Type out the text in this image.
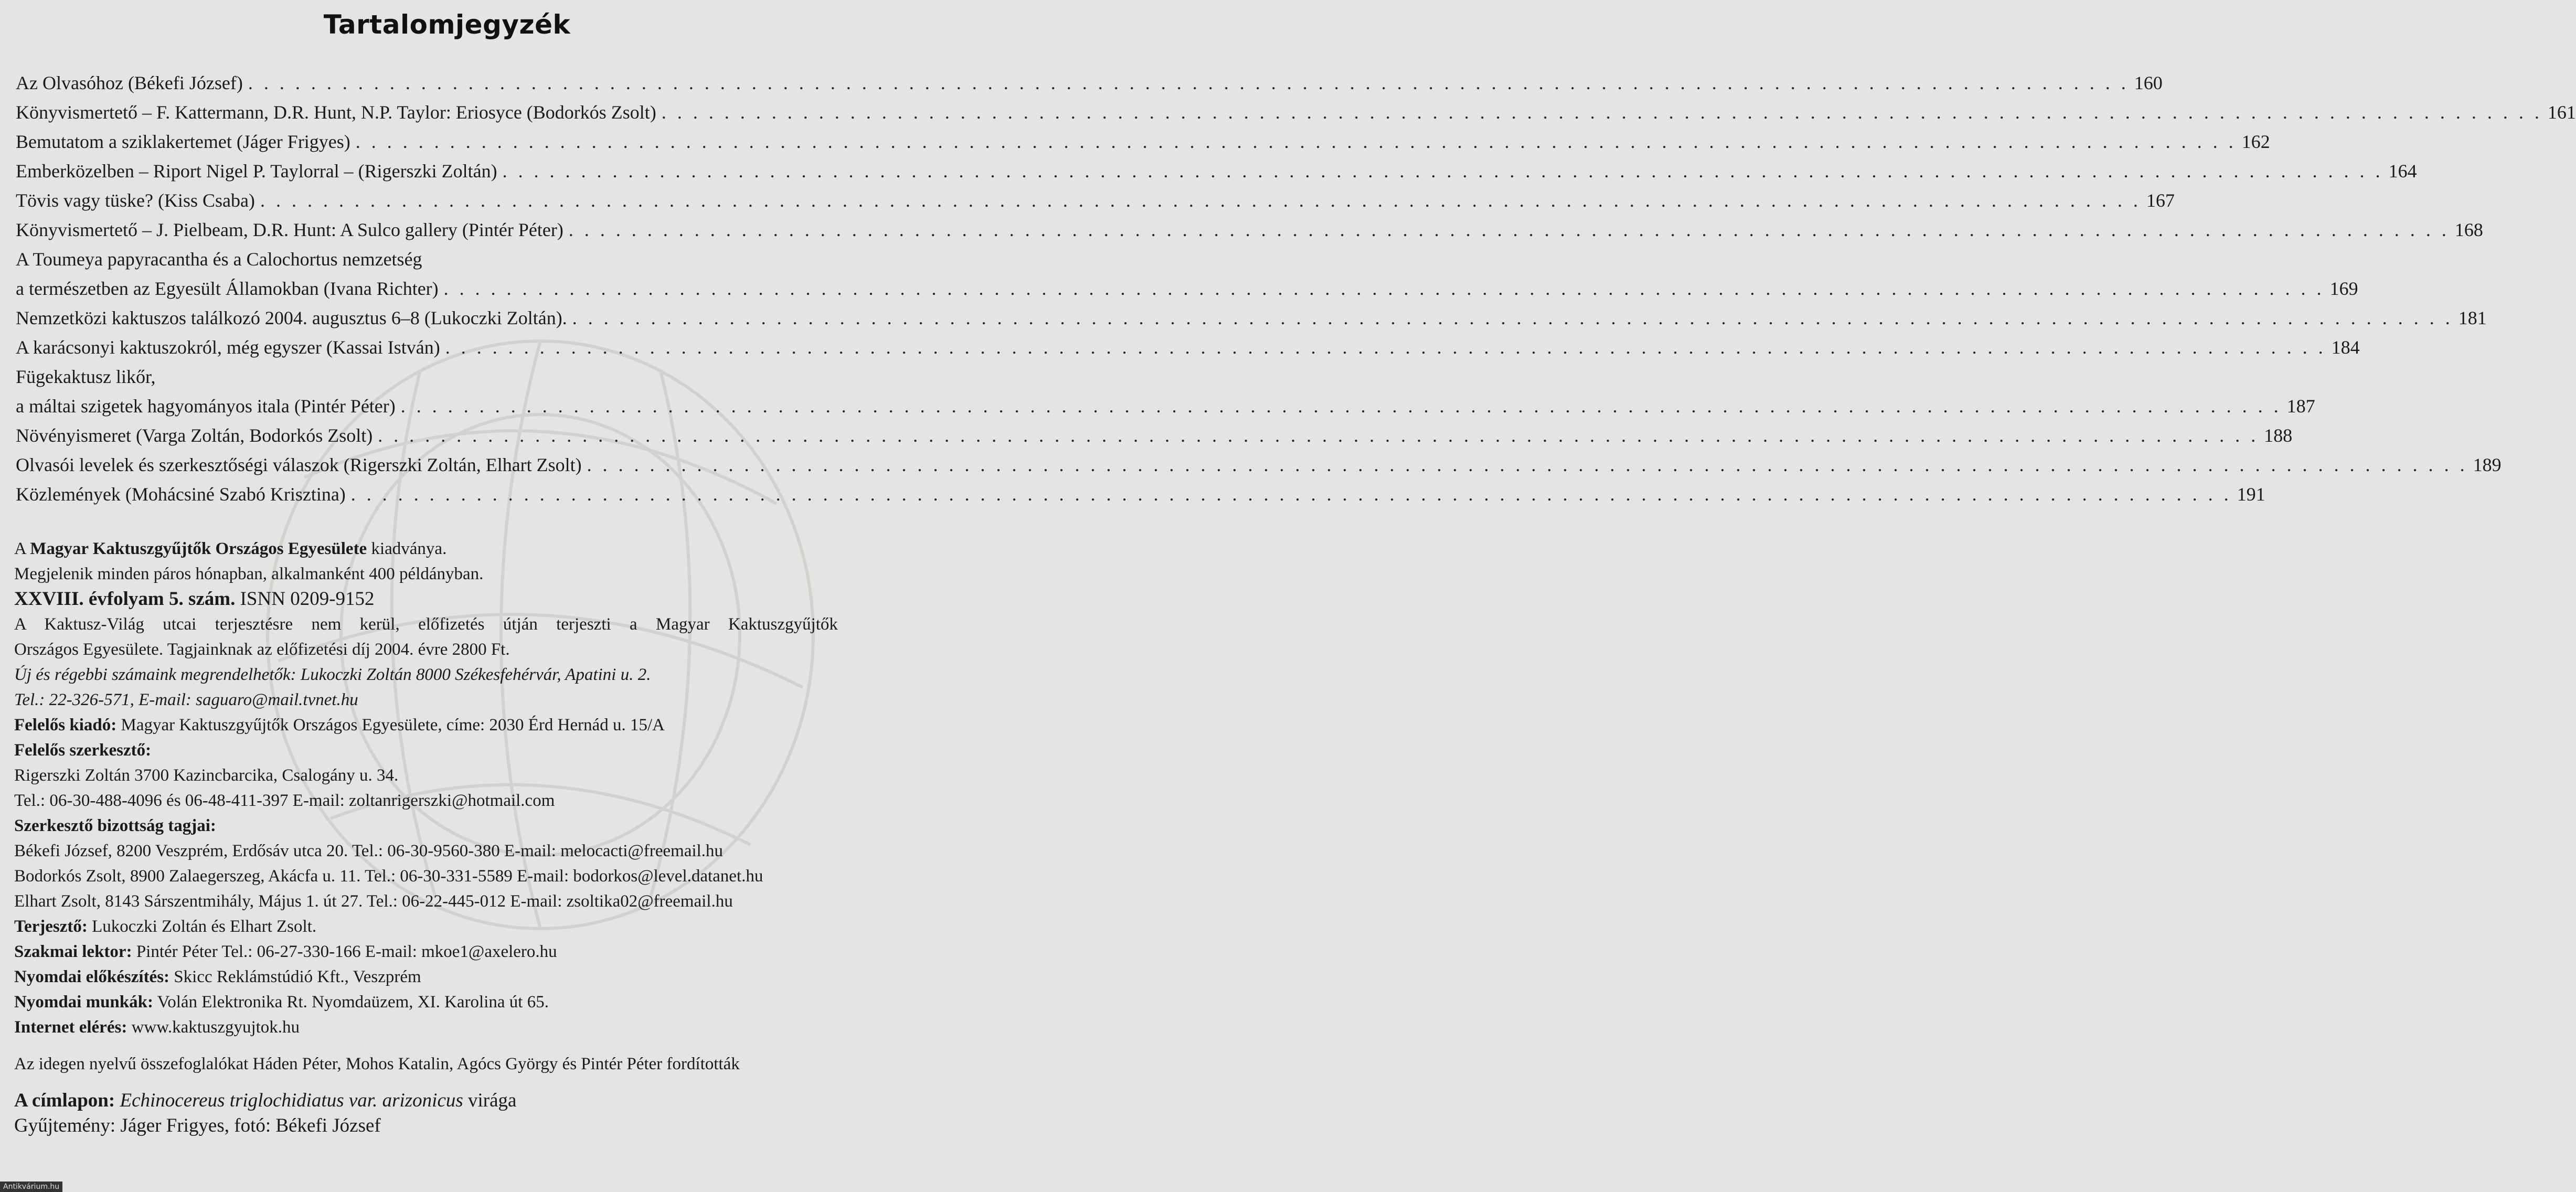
Tartalomjegyzék
Az Olvasóhoz (Békefi József) . . . . . . . . . . . . . . . . . . . . . . . . . . . . . . . . . . . . . . . . . . . . . . . . . . . . . . . . . . . . . . . . . . . . . . . . . . . . . . . . . . . . . . . . . . . . . . . . . . . . . . . . . . . . . . . . . . . . . . . . 160
Könyvismertető – F. Kattermann, D.R. Hunt, N.P. Taylor: Eriosyce (Bodorkós Zsolt) . . . . . . . . . . . . . . . . . . . . . . . . . . . . . . . . . . . . . . . . . . . . . . . . . . . . . . . . . . . . . . . . . . . . . . . . . . . . . . . . . . . . . . . . . . . . . . . . . . . . . . . . . . . . . . . . . . . . . . . . 161
Bemutatom a sziklakertemet (Jáger Frigyes) . . . . . . . . . . . . . . . . . . . . . . . . . . . . . . . . . . . . . . . . . . . . . . . . . . . . . . . . . . . . . . . . . . . . . . . . . . . . . . . . . . . . . . . . . . . . . . . . . . . . . . . . . . . . . . . . . . . . . . . . 162
Emberközelben – Riport Nigel P. Taylorral – (Rigerszki Zoltán) . . . . . . . . . . . . . . . . . . . . . . . . . . . . . . . . . . . . . . . . . . . . . . . . . . . . . . . . . . . . . . . . . . . . . . . . . . . . . . . . . . . . . . . . . . . . . . . . . . . . . . . . . . . . . . . . . . . . . . . . 164
Tövis vagy tüske? (Kiss Csaba) . . . . . . . . . . . . . . . . . . . . . . . . . . . . . . . . . . . . . . . . . . . . . . . . . . . . . . . . . . . . . . . . . . . . . . . . . . . . . . . . . . . . . . . . . . . . . . . . . . . . . . . . . . . . . . . . . . . . . . . . 167
Könyvismertető – J. Pielbeam, D.R. Hunt: A Sulco gallery (Pintér Péter) . . . . . . . . . . . . . . . . . . . . . . . . . . . . . . . . . . . . . . . . . . . . . . . . . . . . . . . . . . . . . . . . . . . . . . . . . . . . . . . . . . . . . . . . . . . . . . . . . . . . . . . . . . . . . . . . . . . . . . . . 168
A Toumeya papyracantha és a Calochortus nemzetség
a természetben az Egyesült Államokban (Ivana Richter) . . . . . . . . . . . . . . . . . . . . . . . . . . . . . . . . . . . . . . . . . . . . . . . . . . . . . . . . . . . . . . . . . . . . . . . . . . . . . . . . . . . . . . . . . . . . . . . . . . . . . . . . . . . . . . . . . . . . . . . . 169
Nemzetközi kaktuszos találkozó 2004. augusztus 6–8 (Lukoczki Zoltán). . . . . . . . . . . . . . . . . . . . . . . . . . . . . . . . . . . . . . . . . . . . . . . . . . . . . . . . . . . . . . . . . . . . . . . . . . . . . . . . . . . . . . . . . . . . . . . . . . . . . . . . . . . . . . . . . . . . . . . . . 181
A karácsonyi kaktuszokról, még egyszer (Kassai István) . . . . . . . . . . . . . . . . . . . . . . . . . . . . . . . . . . . . . . . . . . . . . . . . . . . . . . . . . . . . . . . . . . . . . . . . . . . . . . . . . . . . . . . . . . . . . . . . . . . . . . . . . . . . . . . . . . . . . . . . 184
Fügekaktusz likőr,
a máltai szigetek hagyományos itala (Pintér Péter) . . . . . . . . . . . . . . . . . . . . . . . . . . . . . . . . . . . . . . . . . . . . . . . . . . . . . . . . . . . . . . . . . . . . . . . . . . . . . . . . . . . . . . . . . . . . . . . . . . . . . . . . . . . . . . . . . . . . . . . . 187
Növényismeret (Varga Zoltán, Bodorkós Zsolt) . . . . . . . . . . . . . . . . . . . . . . . . . . . . . . . . . . . . . . . . . . . . . . . . . . . . . . . . . . . . . . . . . . . . . . . . . . . . . . . . . . . . . . . . . . . . . . . . . . . . . . . . . . . . . . . . . . . . . . . . 188
Olvasói levelek és szerkesztőségi válaszok (Rigerszki Zoltán, Elhart Zsolt) . . . . . . . . . . . . . . . . . . . . . . . . . . . . . . . . . . . . . . . . . . . . . . . . . . . . . . . . . . . . . . . . . . . . . . . . . . . . . . . . . . . . . . . . . . . . . . . . . . . . . . . . . . . . . . . . . . . . . . . . 189
Közlemények (Mohácsiné Szabó Krisztina) . . . . . . . . . . . . . . . . . . . . . . . . . . . . . . . . . . . . . . . . . . . . . . . . . . . . . . . . . . . . . . . . . . . . . . . . . . . . . . . . . . . . . . . . . . . . . . . . . . . . . . . . . . . . . . . . . . . . . . . . 191
A Magyar Kaktuszgyűjtők Országos Egyesülete kiadványa.
Megjelenik minden páros hónapban, alkalmanként 400 példányban.
XXVIII. évfolyam 5. szám. ISNN 0209-9152
A Kaktusz-Világ utcai terjesztésre nem kerül, előfizetés útján terjeszti a Magyar Kaktuszgyűjtők
Országos Egyesülete. Tagjainknak az előfizetési díj 2004. évre 2800 Ft.
Új és régebbi számaink megrendelhetők: Lukoczki Zoltán 8000 Székesfehérvár, Apatini u. 2.
Tel.: 22-326-571, E-mail: saguaro@mail.tvnet.hu
Felelős kiadó: Magyar Kaktuszgyűjtők Országos Egyesülete, címe: 2030 Érd Hernád u. 15/A
Felelős szerkesztő:
Rigerszki Zoltán 3700 Kazincbarcika, Csalogány u. 34.
Tel.: 06-30-488-4096 és 06-48-411-397 E-mail: zoltanrigerszki@hotmail.com
Szerkesztő bizottság tagjai:
Békefi József, 8200 Veszprém, Erdősáv utca 20. Tel.: 06-30-9560-380 E-mail: melocacti@freemail.hu
Bodorkós Zsolt, 8900 Zalaegerszeg, Akácfa u. 11. Tel.: 06-30-331-5589 E-mail: bodorkos@level.datanet.hu
Elhart Zsolt, 8143 Sárszentmihály, Május 1. út 27. Tel.: 06-22-445-012 E-mail: zsoltika02@freemail.hu
Terjesztő: Lukoczki Zoltán és Elhart Zsolt.
Szakmai lektor: Pintér Péter Tel.: 06-27-330-166 E-mail: mkoe1@axelero.hu
Nyomdai előkészítés: Skicc Reklámstúdió Kft., Veszprém
Nyomdai munkák: Volán Elektronika Rt. Nyomdaüzem, XI. Karolina út 65.
Internet elérés: www.kaktuszgyujtok.hu
Az idegen nyelvű összefoglalókat Háden Péter, Mohos Katalin, Agócs György és Pintér Péter fordították
A címlapon: Echinocereus triglochidiatus var. arizonicus virága
Gyűjtemény: Jáger Frigyes, fotó: Békefi József
Antikvárium.hu
